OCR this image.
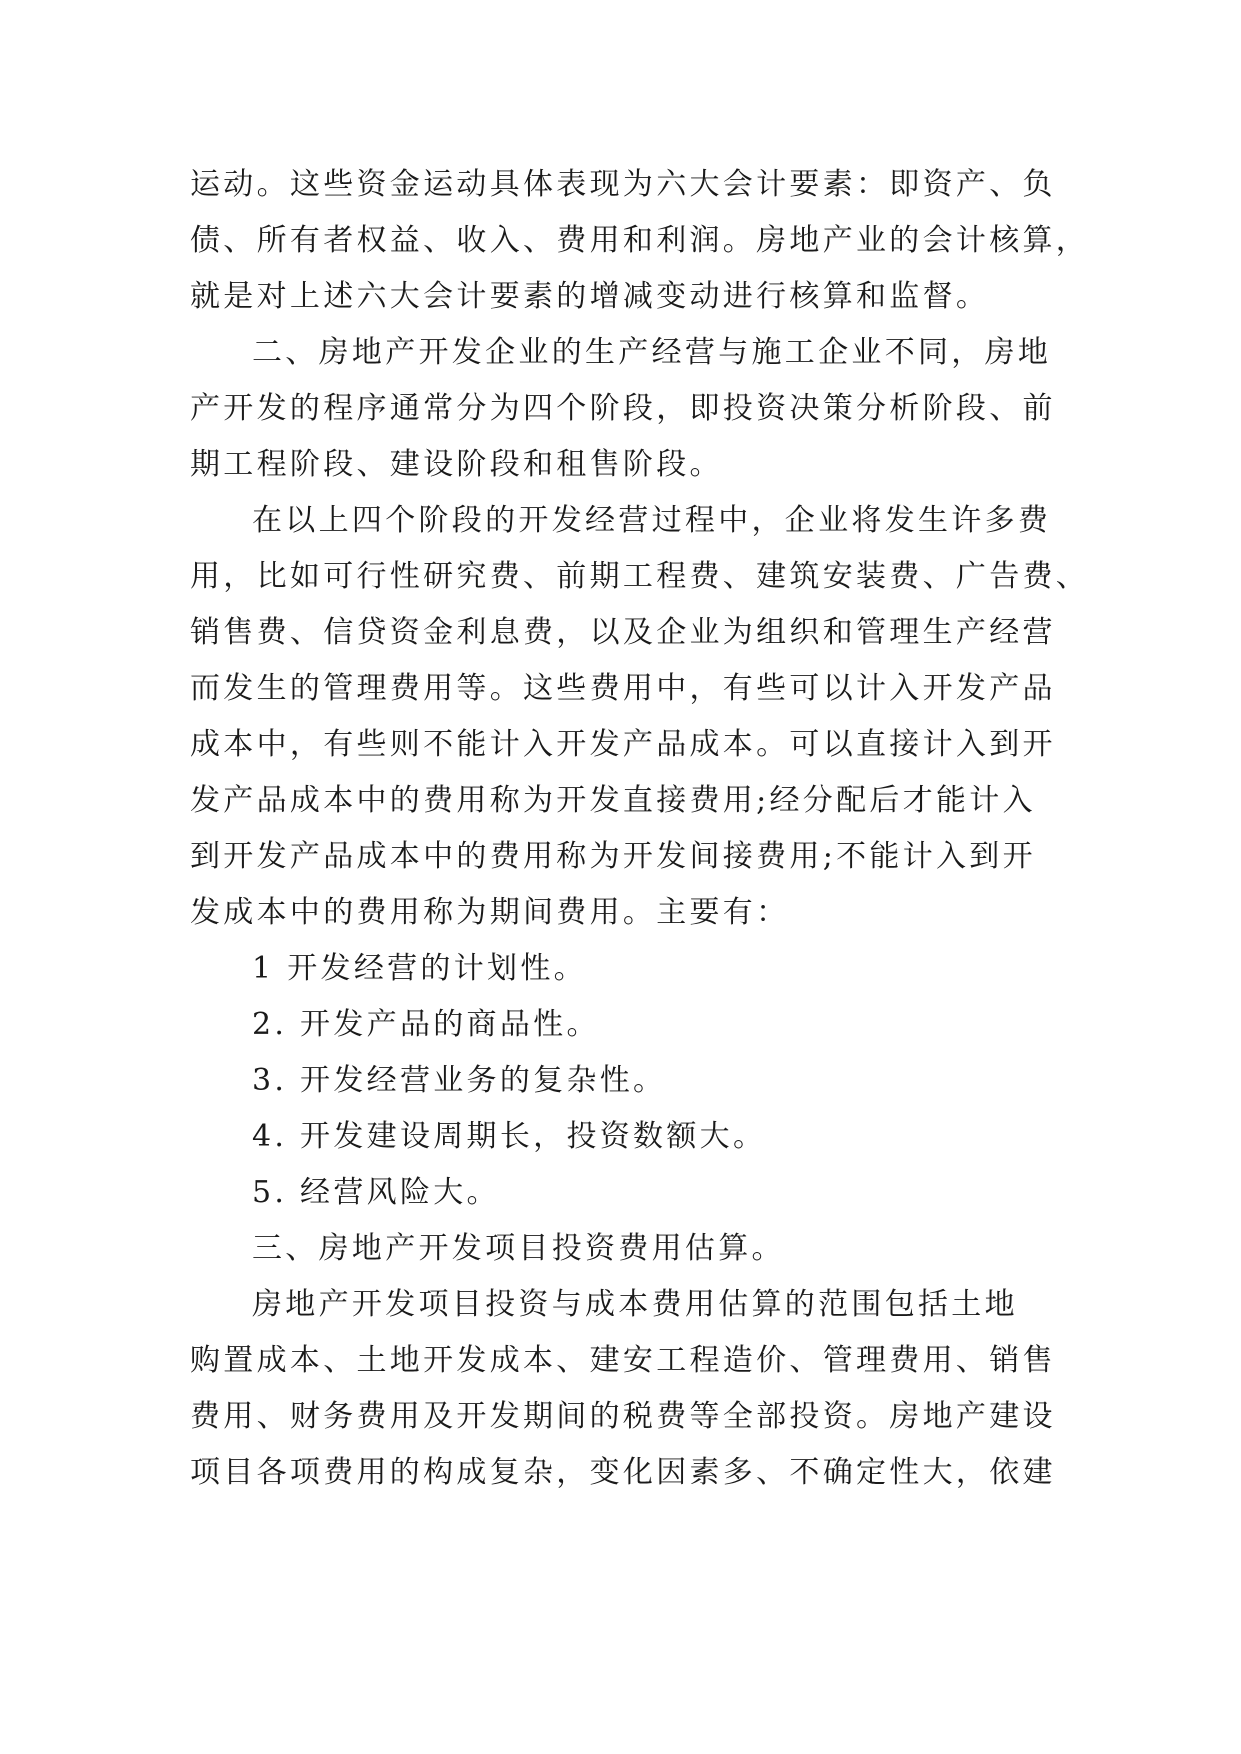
运动。这些资金运动具体表现为六大会计要素：即资产、负
债、所有者权益、收入、费用和利润。房地产业的会计核算，
就是对上述六大会计要素的增减变动进行核算和监督。
二、房地产开发企业的生产经营与施工企业不同，房地
产开发的程序通常分为四个阶段，即投资决策分析阶段、前
期工程阶段、建设阶段和租售阶段。
在以上四个阶段的开发经营过程中，企业将发生许多费
用，比如可行性研究费、前期工程费、建筑安装费、广告费、
销售费、信贷资金利息费，以及企业为组织和管理生产经营
而发生的管理费用等。这些费用中，有些可以计入开发产品
成本中，有些则不能计入开发产品成本。可以直接计入到开
发产品成本中的费用称为开发直接费用;经分配后才能计入
到开发产品成本中的费用称为开发间接费用;不能计入到开
发成本中的费用称为期间费用。主要有：
1 开发经营的计划性。
2. 开发产品的商品性。
3. 开发经营业务的复杂性。
4. 开发建设周期长，投资数额大。
5. 经营风险大。
三、房地产开发项目投资费用估算。
房地产开发项目投资与成本费用估算的范围包括土地
购置成本、土地开发成本、建安工程造价、管理费用、销售
费用、财务费用及开发期间的税费等全部投资。房地产建设
项目各项费用的构成复杂，变化因素多、不确定性大，依建
